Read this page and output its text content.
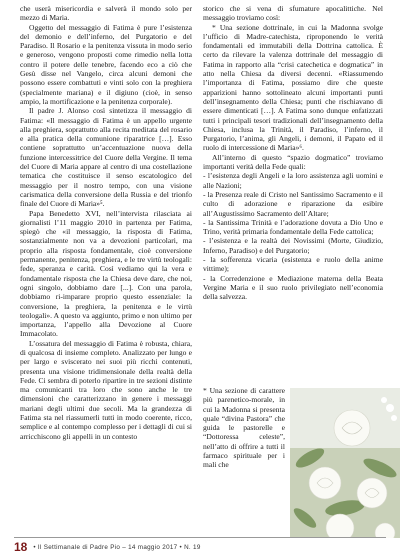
che userà misericordia e salverà il mondo solo per mezzo di Maria.

Oggetto del messaggio di Fatima è pure l’esistenza del demonio e dell’inferno, del Purgatorio e del Paradiso. Il Rosario e la penitenza vissuta in modo serio e generoso, vengono proposti come rimedio nella lotta contro il potere delle tenebre, facendo eco a ciò che Gesù disse nel Vangelo, circa alcuni demoni che possono essere combattuti e vinti solo con la preghiera (specialmente mariana) e il digiuno (cioè, in senso ampio, la mortificazione e la penitenza corporale).

Il padre J. Alonso così sintetizza il messaggio di Fatima: «Il messaggio di Fatima è un appello urgente alla preghiera, soprattutto alla recita meditata del rosario e alla pratica della comunione riparatrice […]. Esso contiene soprattutto un’accentuazione nuova della funzione intercessitrice del Cuore della Vergine. Il tema del Cuore di Maria appare al centro di una costellazione tematica che costituisce il senso escatologico del messaggio per il nostro tempo, con una visione carismatica della conversione della Russia e del trionfo finale del Cuore di Maria»⁵.

Papa Benedetto XVI, nell’intervista rilasciata ai giornalisti l’11 maggio 2010 in partenza per Fatima, spiegò che «il messaggio, la risposta di Fatima, sostanzialmente non va a devozioni particolari, ma proprio alla risposta fondamentale, cioè conversione permanente, penitenza, preghiera, e le tre virtù teologali: fede, speranza e carità. Così vediamo qui la vera e fondamentale risposta che la Chiesa deve dare, che noi, ogni singolo, dobbiamo dare [...]. Con una parola, dobbiamo ri-imparare proprio questo essenziale: la conversione, la preghiera, la penitenza e le virtù teologali». A questo va aggiunto, primo e non ultimo per importanza, l’appello alla Devozione al Cuore Immacolato.

L’ossatura del messaggio di Fatima è robusta, chiara, di qualcosa di insieme completo. Analizzato per lungo e per largo e sviscerato nei suoi più ricchi contenuti, presenta una visione tridimensionale della realtà della Fede. Ci sembra di poterlo ripartire in tre sezioni distinte ma comunicanti tra loro che sono anche le tre dimensioni che caratterizzano in genere i messaggi mariani degli ultimi due secoli. Ma la grandezza di Fatima sta nel riassumerli tutti in modo coerente, ricco, semplice e al contempo complesso per i dettagli di cui si arricchiscono gli appelli in un contesto

storico che si vena di sfumature apocalittiche. Nel messaggio troviamo così:

* Una sezione dottrinale, in cui la Madonna svolge l’ufficio di Madre-catechista, riproponendo le verità fondamentali ed immutabili della Dottrina cattolica. È certo da rilevare la valenza dottrinale del messaggio di Fatima in rapporto alla “crisi catechetica e dogmatica” in atto nella Chiesa da diversi decenni. «Riassumendo l’importanza di Fatima, possiamo dire che queste apparizioni hanno sottolineato alcuni importanti punti dell’insegnamento della Chiesa; punti che rischiavano di essere dimenticati […]. A Fatima sono dunque enfatizzati tutti i principali tesori tradizionali dell’insegnamento della Chiesa, inclusa la Trinità, il Paradiso, l’inferno, il Purgatorio, l’anima, gli Angeli, i demoni, il Papato ed il ruolo di intercessione di Maria»⁶.

All’interno di questo “spazio dogmatico” troviamo importanti verità della Fede quali:

- l’esistenza degli Angeli e la loro assistenza agli uomini e alle Nazioni;

- la Presenza reale di Cristo nel Santissimo Sacramento e il culto di adorazione e riparazione da esibire all’Augustissimo Sacramento dell’Altare;

- la Santissima Trinità e l’adorazione dovuta a Dio Uno e Trino, verità primaria fondamentale della Fede cattolica;

- l’esistenza e la realtà dei Novissimi (Morte, Giudizio, Inferno, Paradiso) e del Purgatorio;

- la sofferenza vicaria (esistenza e ruolo della anime vittime);

- la Corredenzione e Mediazione materna della Beata Vergine Maria e il suo ruolo privilegiato nell’economia della salvezza.

* Una sezione di carattere più parenetico-morale, in cui la Madonna si presenta quale “divina Pastora” che guida le pastorelle e “Dottoressa celeste”, nell’atto di offrire a tutti il farmaco spirituale per i mali che

18 • Il Settimanale di Padre Pio – 14 maggio 2017 • N. 19
